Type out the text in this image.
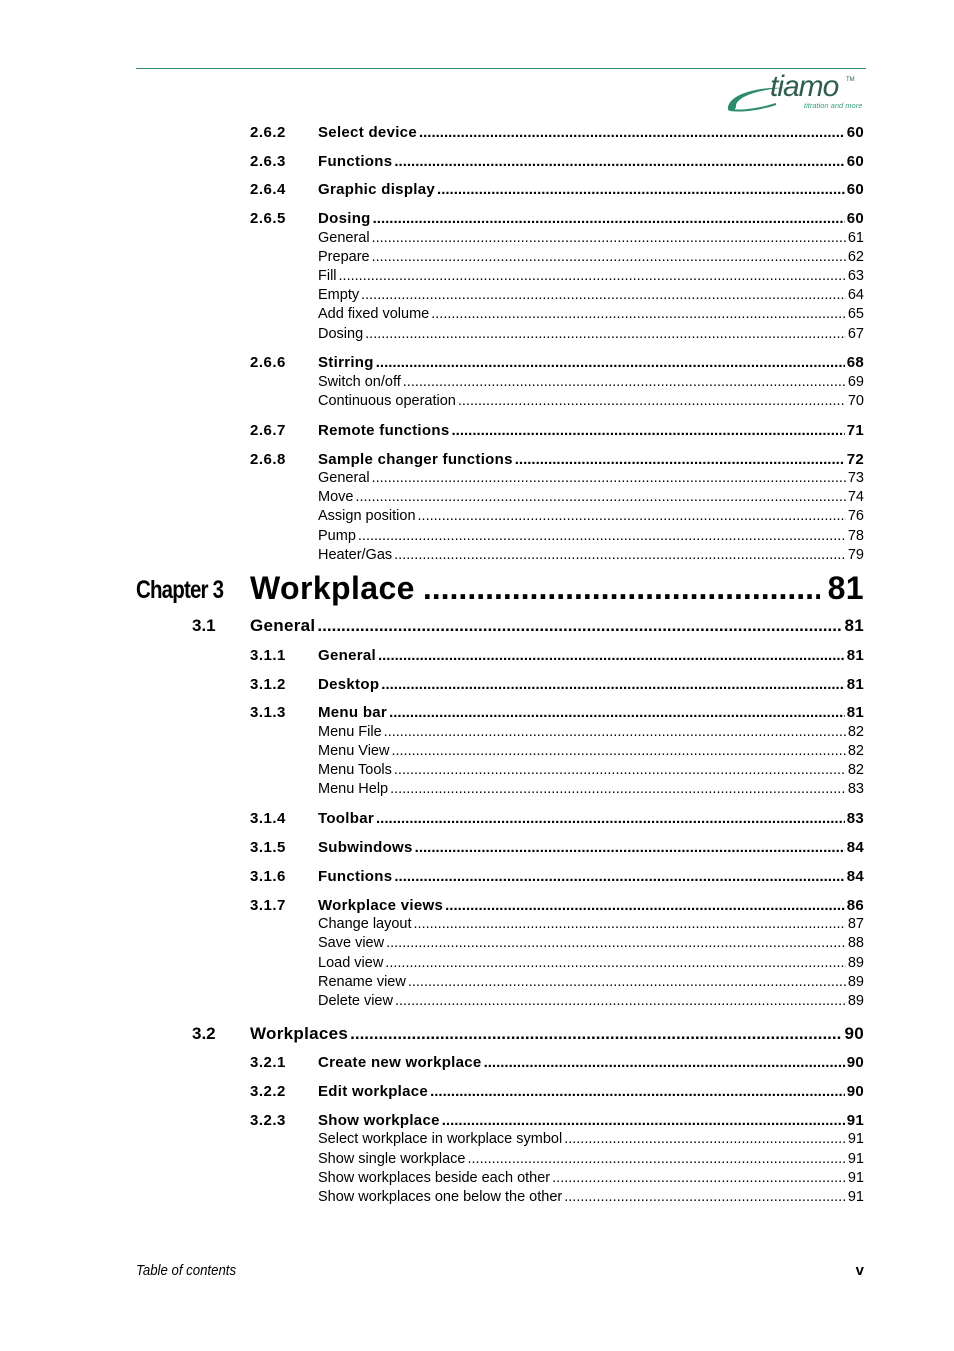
tiamo TM
titration and more
2.6.2 Select device .....	60
2.6.3 Functions .....	60
2.6.4 Graphic display .....	60
2.6.5 Dosing .....	60
General .....	61
Prepare .....	62
Fill .....	63
Empty .....	64
Add fixed volume .....	65
Dosing .....	67
2.6.6 Stirring .....	68
Switch on/off .....	69
Continuous operation .....	70
2.6.7 Remote functions .....	71
2.6.8 Sample changer functions .....	72
General .....	73
Move .....	74
Assign position .....	76
Pump .....	78
Heater/Gas .....	79
Chapter 3 Workplace .....	81
3.1 General .....	81
3.1.1 General .....	81
3.1.2 Desktop .....	81
3.1.3 Menu bar .....	81
Menu File .....	82
Menu View .....	82
Menu Tools .....	82
Menu Help .....	83
3.1.4 Toolbar .....	83
3.1.5 Subwindows .....	84
3.1.6 Functions .....	84
3.1.7 Workplace views .....	86
Change layout .....	87
Save view .....	88
Load view .....	89
Rename view .....	89
Delete view .....	89
3.2 Workplaces .....	90
3.2.1 Create new workplace .....	90
3.2.2 Edit workplace .....	90
3.2.3 Show workplace .....	91
Select workplace in workplace symbol .....	91
Show single workplace .....	91
Show workplaces beside each other .....	91
Show workplaces one below the other .....	91
Table of contents	v
